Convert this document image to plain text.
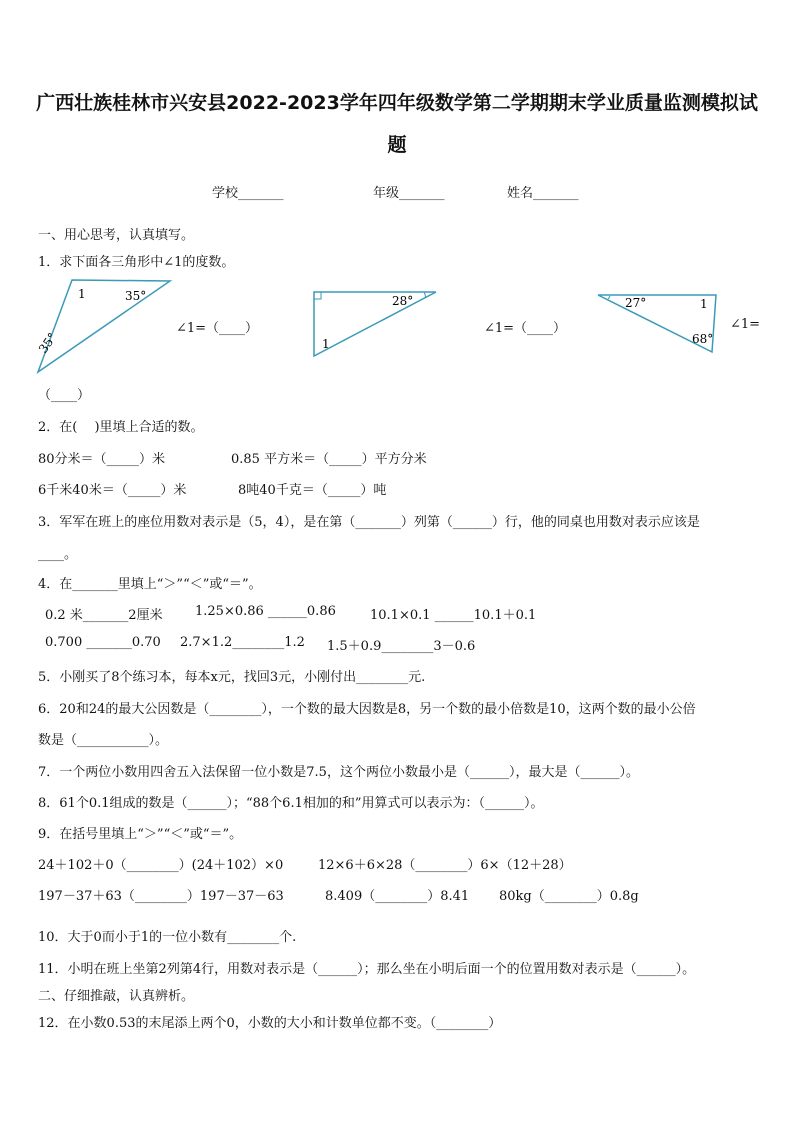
广西壮族桂林市兴安县2022-2023学年四年级数学第二学期期末学业质量监测模拟试
题
学校_______	年级_______	姓名_______
一、用心思考，认真填写。
1．求下面各三角形中∠1的度数。
1	35°
35°
∠1=（____）
28°
1
∠1=（____）
27°	1
68°
∠1=
（____）
2．在(　 )里填上合适的数。
80分米＝（_____）米	0.85 平方米＝（_____）平方分米
6千米40米＝（_____）米	8吨40千克＝（_____）吨
3．军军在班上的座位用数对表示是（5，4），是在第（_______）列第（______）行，他的同桌也用数对表示应该是
____。
4．在_______里填上“＞”“＜”或“＝”。
0.2 米_______2厘米 1.25×0.86 ______0.86	10.1×0.1 ______10.1＋0.1
0.700 _______0.70 2.7×1.2________1.2 1.5＋0.9________3－0.6
5．小刚买了8个练习本，每本x元，找回3元，小刚付出________元.
6．20和24的最大公因数是（________），一个数的最大因数是8，另一个数的最小倍数是10，这两个数的最小公倍
数是（___________）。
7．一个两位小数用四舍五入法保留一位小数是7.5，这个两位小数最小是（______），最大是（______）。
8．61个0.1组成的数是（______）；“88个6.1相加的和”用算式可以表示为：（______）。
9．在括号里填上“＞”“＜”或“＝”。
24＋102＋0（________）(24＋102）×0	12×6＋6×28（________）6×（12＋28）
197－37＋63（________）197－37－63	8.409（________）8.41 80kg（________）0.8g
10．大于0而小于1的一位小数有________个.
11．小明在班上坐第2列第4行，用数对表示是（______）；那么坐在小明后面一个的位置用数对表示是（______）。
二、仔细推敲，认真辨析。
12．在小数0.53的末尾添上两个0，小数的大小和计数单位都不变。（________）
